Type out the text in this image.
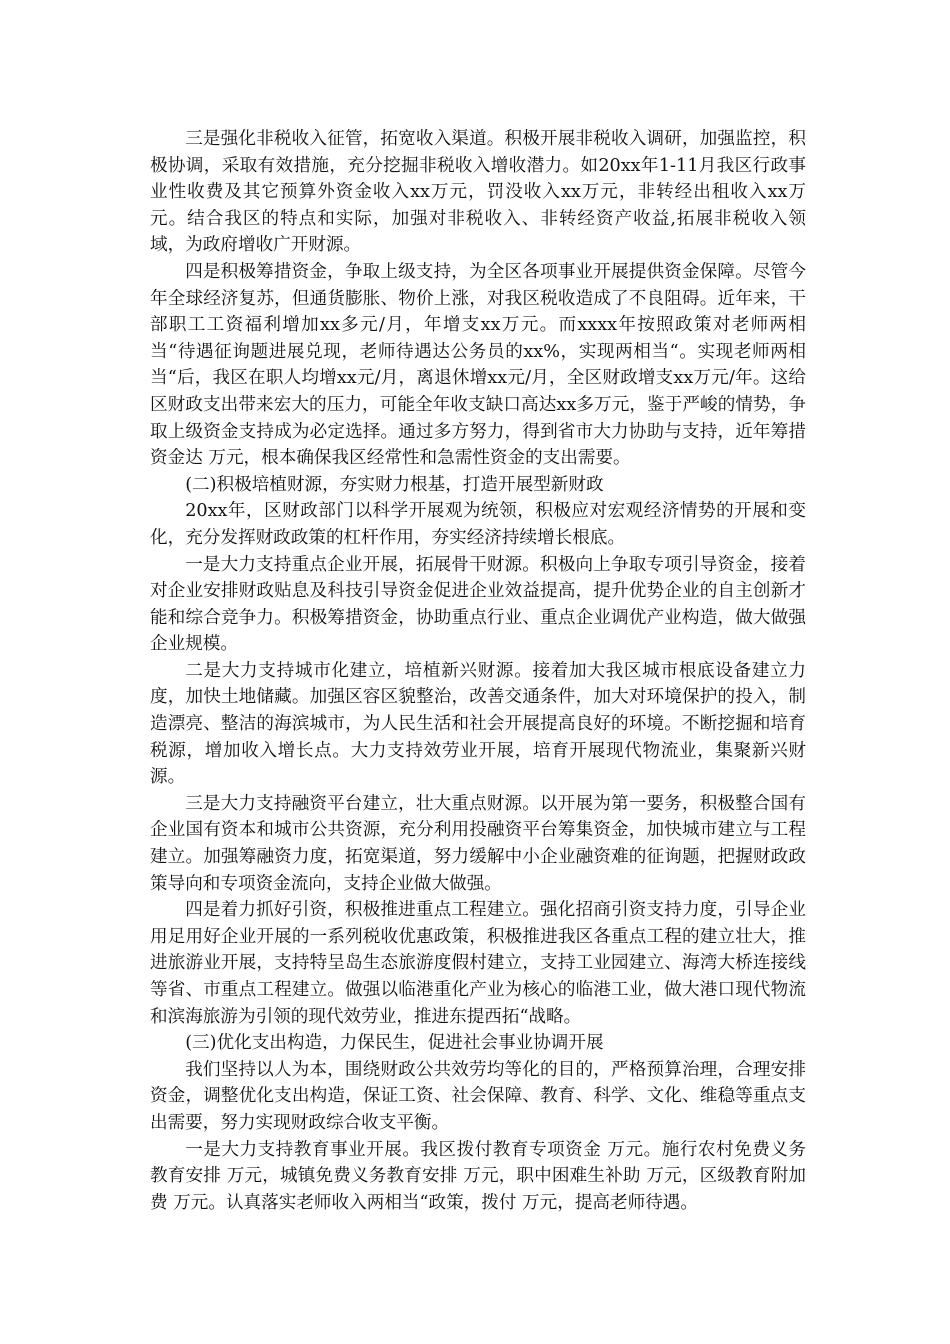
三是强化非税收入征管，拓宽收入渠道。积极开展非税收入调研，加强监控，积极协调，采取有效措施，充分挖掘非税收入增收潜力。如20xx年1-11月我区行政事业性收费及其它预算外资金收入xx万元，罚没收入xx万元，非转经出租收入xx万元。结合我区的特点和实际，加强对非税收入、非转经资产收益,拓展非税收入领域，为政府增收广开财源。

四是积极筹措资金，争取上级支持，为全区各项事业开展提供资金保障。尽管今年全球经济复苏，但通货膨胀、物价上涨，对我区税收造成了不良阻碍。近年来，干部职工工资福利增加xx多元/月，年增支xx万元。而xxxx年按照政策对老师两相当“待遇征询题进展兑现，老师待遇达公务员的xx%，实现两相当“。实现老师两相当“后，我区在职人均增xx元/月，离退休增xx元/月，全区财政增支xx万元/年。这给区财政支出带来宏大的压力，可能全年收支缺口高达xx多万元，鉴于严峻的情势，争取上级资金支持成为必定选择。通过多方努力，得到省市大力协助与支持，近年筹措资金达 万元，根本确保我区经常性和急需性资金的支出需要。

(二)积极培植财源，夯实财力根基，打造开展型新财政

20xx年，区财政部门以科学开展观为统领，积极应对宏观经济情势的开展和变化，充分发挥财政政策的杠杆作用，夯实经济持续增长根底。

一是大力支持重点企业开展，拓展骨干财源。积极向上争取专项引导资金，接着对企业安排财政贴息及科技引导资金促进企业效益提高，提升优势企业的自主创新才能和综合竞争力。积极筹措资金，协助重点行业、重点企业调优产业构造，做大做强企业规模。

二是大力支持城市化建立，培植新兴财源。接着加大我区城市根底设备建立力度，加快土地储藏。加强区容区貌整治，改善交通条件，加大对环境保护的投入，制造漂亮、整洁的海滨城市，为人民生活和社会开展提高良好的环境。不断挖掘和培育税源，增加收入增长点。大力支持效劳业开展，培育开展现代物流业，集聚新兴财源。

三是大力支持融资平台建立，壮大重点财源。以开展为第一要务，积极整合国有企业国有资本和城市公共资源，充分利用投融资平台筹集资金，加快城市建立与工程建立。加强筹融资力度，拓宽渠道，努力缓解中小企业融资难的征询题，把握财政政策导向和专项资金流向，支持企业做大做强。

四是着力抓好引资，积极推进重点工程建立。强化招商引资支持力度，引导企业用足用好企业开展的一系列税收优惠政策，积极推进我区各重点工程的建立壮大，推进旅游业开展，支持特呈岛生态旅游度假村建立，支持工业园建立、海湾大桥连接线等省、市重点工程建立。做强以临港重化产业为核心的临港工业，做大港口现代物流和滨海旅游为引领的现代效劳业，推进东提西拓“战略。

(三)优化支出构造，力保民生，促进社会事业协调开展

我们坚持以人为本，围绕财政公共效劳均等化的目的，严格预算治理，合理安排资金，调整优化支出构造，保证工资、社会保障、教育、科学、文化、维稳等重点支出需要，努力实现财政综合收支平衡。

一是大力支持教育事业开展。我区拨付教育专项资金 万元。施行农村免费义务教育安排 万元，城镇免费义务教育安排 万元，职中困难生补助 万元，区级教育附加费 万元。认真落实老师收入两相当“政策，拨付 万元，提高老师待遇。
